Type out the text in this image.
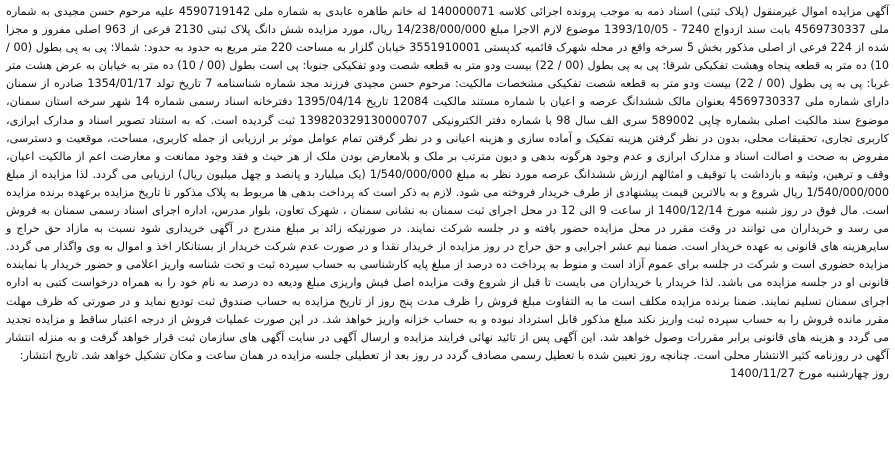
آگهی مزایده اموال غیرمنقول (پلاک ثبتی) اسناد ذمه به موجب پرونده اجرائی کلاسه 140000071 له خانم طاهره عابدی به شماره ملی 4590719142 علیه مرحوم حسن مجیدی به شماره ملی 4569730337 بابت سند ازدواج 7240 - 1393/10/05 موضوع لازم الاجرا مبلغ 14/238/000/000 ریال، مورد مزایده شش دانگ پلاک ثبتی 2130 فرعی از 963 اصلی مفروز و مجزا شده از 224 فرعی از اصلی مذکور بخش 5 سرخه واقع در محله شهرک قائمیه کدپستی 3551910001 خیابان گلزار به مساحت 220 متر مربع به حدود به حدود: شمالا: پی به پی بطول (00 / 10) ده متر به قطعه پنجاه وهشت تفکیکی شرقا: پی به پی بطول (00 / 22) بیست ودو متر به قطعه شصت ودو تفکیکی جنوبا: پی است بطول (00 / 10) ده متر به خیابان به عرض هشت متر غربا: پی به پی بطول (00 / 22) بیست ودو متر به قطعه شصت تفکیکی مشخصات مالکیت: مرحوم حسن مجیدی فرزند مجد شماره شناسنامه 7 تاریخ تولد 1354/01/17 صادره از سمنان دارای شماره ملی 4569730337 بعنوان مالک ششدانگ عرصه و اعیان با شماره مستند مالکیت 12084 تاریخ 1395/04/14 دفترخانه اسناد رسمی شماره 14 شهر سرخه استان سمنان، موضوع سند مالکیت اصلی بشماره چاپی 589002 سری الف سال 98 با شماره دفتر الکترونیکی 139820329130000707 ثبت گردیده است. که به استناد تصویر اسناد و مدارک ابرازی، کاربری تجاری، تحقیقات محلی، بدون در نظر گرفتن هزینه تفکیک و آماده سازی و هزینه اعیانی و در نظر گرفتن تمام عوامل موثر بر ارزیابی از جمله کاربری، مساحت، موقعیت و دسترسی، مفروض به صحت و اصالت اسناد و مدارک ابرازی و عدم وجود هرگونه بدهی و دیون مترتب بر ملک و بلامعارض بودن ملک از هر حیث و فقد وجود ممانعت و معارضت اعم از مالکیت اعیان، وقف و ترهین، وثیقه و بازداشت یا توقیف و امثالهم ارزش ششدانگ عرصه مورد نظر به مبلغ 1/540/000/000 (یک میلیارد و پانصد و چهل میلیون ریال) ارزیابی می گردد. لذا مزایده از مبلغ 1/540/000/000 ریال شروع و به بالاترین قیمت پیشنهادی از طرف خریدار فروخته می شود. لازم به ذکر است که پرداخت بدهی ها مربوط به پلاک مذکور تا تاریخ مزایده برعهده برنده مزایده است. مال فوق در روز شنبه مورخ 1400/12/14 از ساعت 9 الی 12 در محل اجرای ثبت سمنان به نشانی سمنان ، شهرک تعاون، بلوار مدرس، اداره اجرای اسناد رسمی سمنان به فروش می رسد و خریداران می توانند در وقت مقرر در محل مزایده حضور یافته و در جلسه شرکت نمایند. در صورتیکه زائد بر مبلغ مندرج در آگهی خریداری شود نسبت به مازاد حق حراج و سایرهزینه های قانونی به عهده خریدار است. ضمنا نیم عشر اجرایی و حق حراج در روز مزایده از خریدار نقدا و در صورت عدم شرکت خریدار از بستانکار اخذ و اموال به وی واگذار می گردد. مزایده حضوری است و شرکت در جلسه برای عموم آزاد است و منوط به پرداخت ده درصد از مبلغ پایه کارشناسی به حساب سپرده ثبت و تحت شناسه واریز اعلامی و حضور خریدار یا نماینده قانونی او در جلسه مزایده می باشد. لذا خریدار یا خریداران می بایست تا قبل از شروع وقت مزایده اصل فیش واریزی مبلغ ودیعه ده درصد به نام خود را به همراه درخواست کتبی به اداره اجرای سمنان تسلیم نمایند. ضمنا برنده مزایده مکلف است ما به التفاوت مبلغ فروش را ظرف مدت پنج روز از تاریخ مزایده به حساب صندوق ثبت تودیع نماید و در صورتی که ظرف مهلت مقرر مانده فروش را به حساب سپرده ثبت واریز نکند مبلغ مذکور قابل استرداد نبوده و به حساب خزانه واریز خواهد شد. در این صورت عملیات فروش از درجه اعتبار ساقط و مزایده تجدید می گردد و هزینه های قانونی برابر مقررات وصول خواهد شد. این آگهی پس از تائید نهائی فرایند مزایده و ارسال آگهی در سایت آگهی های سازمان ثبت قرار خواهد گرفت و به منزله انتشار آگهی در روزنامه کثیر الانتشار محلی است. چنانچه روز تعیین شده با تعطیل رسمی مصادف گردد در روز بعد از تعطیلی جلسه مزایده در همان ساعت و مکان تشکیل خواهد شد. تاریخ انتشار:

روز چهارشنبه مورخ 1400/11/27
